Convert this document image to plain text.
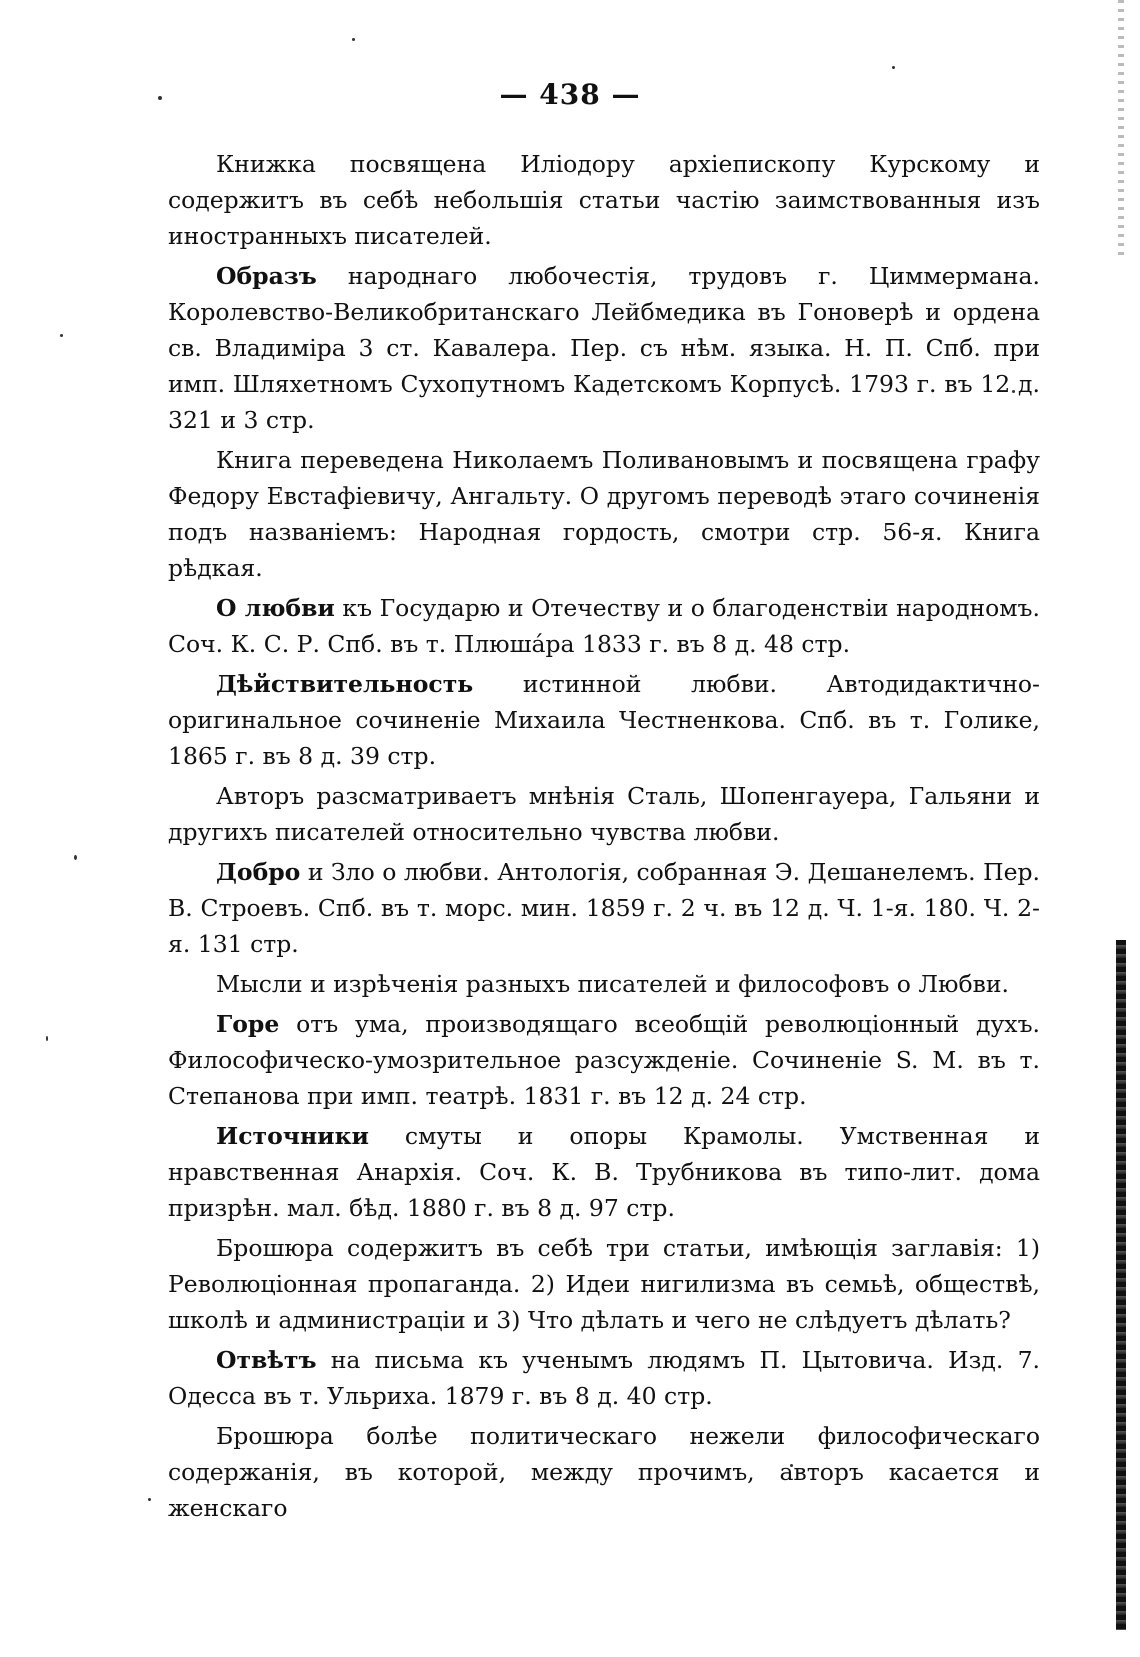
— 438 —

Книжка посвящена Иліодору архіепископу Курскому и содержитъ въ себѣ небольшія статьи частію заимствованныя изъ иностранныхъ писателей.

Образъ народнаго любочестія, трудовъ г. Циммермана. Королевство-Великобританскаго Лейбмедика въ Гоноверѣ и ордена св. Владиміра 3 ст. Кавалера. Пер. съ нѣм. языка. Н. П. Спб. при имп. Шляхетномъ Сухопутномъ Кадетскомъ Корпусѣ. 1793 г. въ 12 д. 321 и 3 стр.

Книга переведена Николаемъ Поливановымъ и посвящена графу Федору Евстафіевичу, Ангальту. О другомъ переводѣ этаго сочиненія подъ названіемъ: Народная гордость, смотри стр. 56-я. Книга рѣдкая.

О любви къ Государю и Отечеству и о благоденствіи народномъ. Соч. К. С. Р. Спб. въ т. Плюшáра 1833 г. въ 8 д. 48 стр.

Дѣйствительность истинной любви. Автодидактично-оригинальное сочиненіе Михаила Честненкова. Спб. въ т. Голике, 1865 г. въ 8 д. 39 стр.

Авторъ разсматриваетъ мнѣнія Сталь, Шопенгауера, Гальяни и другихъ писателей относительно чувства любви.

Добро и Зло о любви. Антологія, собранная Э. Дешанелемъ. Пер. В. Строевъ. Спб. въ т. морс. мин. 1859 г. 2 ч. въ 12 д. Ч. 1-я. 180. Ч. 2-я. 131 стр.

Мысли и изрѣченія разныхъ писателей и философовъ о Любви.

Горе отъ ума, производящаго всеобщій революціонный духъ. Философическо-умозрительное разсужденіе. Сочиненіе S. M. въ т. Степанова при имп. театрѣ. 1831 г. въ 12 д. 24 стр.

Источники смуты и опоры Крамолы. Умственная и нравственная Анархія. Соч. К. В. Трубникова въ типо-лит. дома призрѣн. мал. бѣд. 1880 г. въ 8 д. 97 стр.

Брошюра содержитъ въ себѣ три статьи, имѣющія заглавія: 1) Революціонная пропаганда. 2) Идеи нигилизма въ семьѣ, обществѣ, школѣ и администраціи и 3) Что дѣлать и чего не слѣдуетъ дѣлать?

Отвѣтъ на письма къ ученымъ людямъ П. Цытовича. Изд. 7. Одесса въ т. Ульриха. 1879 г. въ 8 д. 40 стр.

Брошюра болѣе политическаго нежели философическаго содержанія, въ которой, между прочимъ, авторъ касается и женскаго
